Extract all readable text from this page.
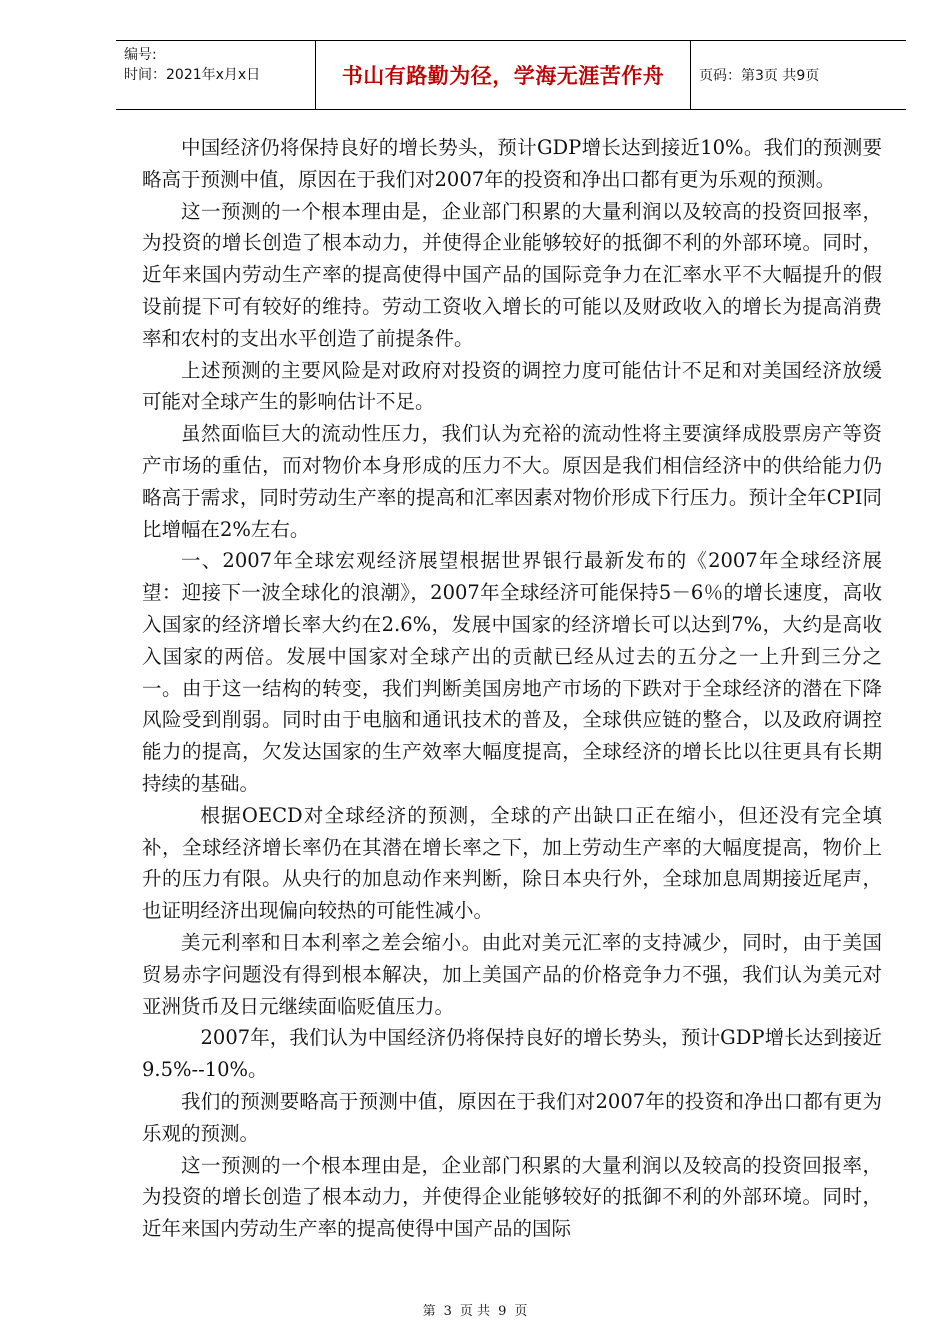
编号:
时间：2021年x月x日	书山有路勤为径，学海无涯苦作舟	页码：第3页 共9页

中国经济仍将保持良好的增长势头，预计GDP增长达到接近10%。我们的预测要略高于预测中值，原因在于我们对2007年的投资和净出口都有更为乐观的预测。

这一预测的一个根本理由是，企业部门积累的大量利润以及较高的投资回报率，为投资的增长创造了根本动力，并使得企业能够较好的抵御不利的外部环境。同时，近年来国内劳动生产率的提高使得中国产品的国际竞争力在汇率水平不大幅提升的假设前提下可有较好的维持。劳动工资收入增长的可能以及财政收入的增长为提高消费率和农村的支出水平创造了前提条件。

上述预测的主要风险是对政府对投资的调控力度可能估计不足和对美国经济放缓可能对全球产生的影响估计不足。

虽然面临巨大的流动性压力，我们认为充裕的流动性将主要演绎成股票房产等资产市场的重估，而对物价本身形成的压力不大。原因是我们相信经济中的供给能力仍略高于需求，同时劳动生产率的提高和汇率因素对物价形成下行压力。预计全年CPI同比增幅在2%左右。

一、2007年全球宏观经济展望根据世界银行最新发布的《2007年全球经济展望：迎接下一波全球化的浪潮》，2007年全球经济可能保持5－6％的增长速度，高收入国家的经济增长率大约在2.6%，发展中国家的经济增长可以达到7%，大约是高收入国家的两倍。发展中国家对全球产出的贡献已经从过去的五分之一上升到三分之一。由于这一结构的转变，我们判断美国房地产市场的下跌对于全球经济的潜在下降风险受到削弱。同时由于电脑和通讯技术的普及，全球供应链的整合，以及政府调控能力的提高，欠发达国家的生产效率大幅度提高，全球经济的增长比以往更具有长期持续的基础。

根据OECD对全球经济的预测，全球的产出缺口正在缩小，但还没有完全填补，全球经济增长率仍在其潜在增长率之下，加上劳动生产率的大幅度提高，物价上升的压力有限。从央行的加息动作来判断，除日本央行外，全球加息周期接近尾声，也证明经济出现偏向较热的可能性减小。

美元利率和日本利率之差会缩小。由此对美元汇率的支持减少，同时，由于美国贸易赤字问题没有得到根本解决，加上美国产品的价格竞争力不强，我们认为美元对亚洲货币及日元继续面临贬值压力。

2007年，我们认为中国经济仍将保持良好的增长势头，预计GDP增长达到接近9.5%--10%。

我们的预测要略高于预测中值，原因在于我们对2007年的投资和净出口都有更为乐观的预测。

这一预测的一个根本理由是，企业部门积累的大量利润以及较高的投资回报率，为投资的增长创造了根本动力，并使得企业能够较好的抵御不利的外部环境。同时，近年来国内劳动生产率的提高使得中国产品的国际

第 3 页 共 9 页
